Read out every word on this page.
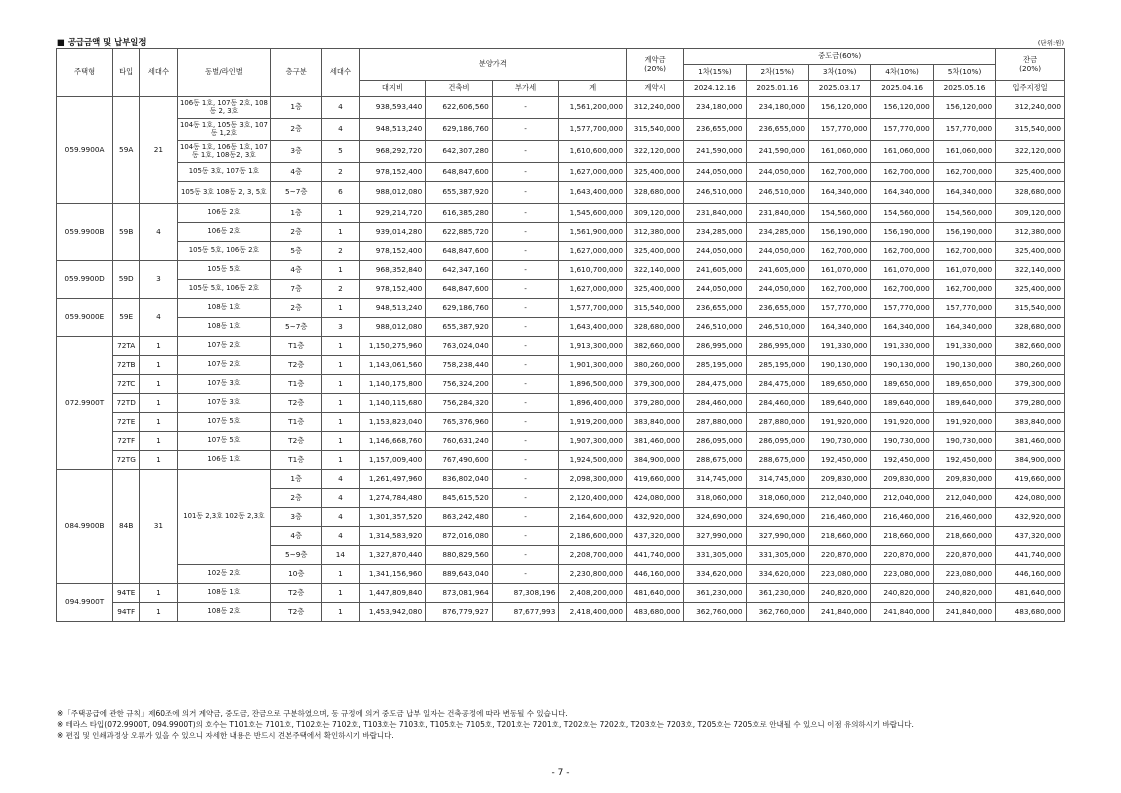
■ 공급금액 및 납부일정	(단위:원)
주택형	타입	세대수	동별/라인별	층구분	세대수	분양가격				계약금
(20%)	중도금(60%)					잔금
(20%)
											1차(15%)	2차(15%)	3차(10%)	4차(10%)	5차(10%)	
						대지비	건축비	부가세	계	계약시	2024.12.16	2025.01.16	2025.03.17	2025.04.16	2025.05.16	입주지정일
059.9900A	59A	21	106동 1호, 107동 2호, 108동 2, 3호	1층	4	938,593,440	622,606,560	-	1,561,200,000	312,240,000	234,180,000	234,180,000	156,120,000	156,120,000	156,120,000	312,240,000
			104동 1호, 105동 3호, 107동 1,2호	2층	4	948,513,240	629,186,760	-	1,577,700,000	315,540,000	236,655,000	236,655,000	157,770,000	157,770,000	157,770,000	315,540,000
			104동 1호, 106동 1호, 107동 1호, 108동2, 3호	3층	5	968,292,720	642,307,280	-	1,610,600,000	322,120,000	241,590,000	241,590,000	161,060,000	161,060,000	161,060,000	322,120,000
			105동 3호, 107동 1호	4층	2	978,152,400	648,847,600	-	1,627,000,000	325,400,000	244,050,000	244,050,000	162,700,000	162,700,000	162,700,000	325,400,000
			105동 3호 108동 2, 3, 5호	5~7층	6	988,012,080	655,387,920	-	1,643,400,000	328,680,000	246,510,000	246,510,000	164,340,000	164,340,000	164,340,000	328,680,000
059.9900B	59B	4	106동 2호	1층	1	929,214,720	616,385,280	-	1,545,600,000	309,120,000	231,840,000	231,840,000	154,560,000	154,560,000	154,560,000	309,120,000
			106동 2호	2층	1	939,014,280	622,885,720	-	1,561,900,000	312,380,000	234,285,000	234,285,000	156,190,000	156,190,000	156,190,000	312,380,000
			105동 5호, 106동 2호	5층	2	978,152,400	648,847,600	-	1,627,000,000	325,400,000	244,050,000	244,050,000	162,700,000	162,700,000	162,700,000	325,400,000
059.9900D	59D	3	105동 5호	4층	1	968,352,840	642,347,160	-	1,610,700,000	322,140,000	241,605,000	241,605,000	161,070,000	161,070,000	161,070,000	322,140,000
			105동 5호, 106동 2호	7층	2	978,152,400	648,847,600	-	1,627,000,000	325,400,000	244,050,000	244,050,000	162,700,000	162,700,000	162,700,000	325,400,000
059.9000E	59E	4	108동 1호	2층	1	948,513,240	629,186,760	-	1,577,700,000	315,540,000	236,655,000	236,655,000	157,770,000	157,770,000	157,770,000	315,540,000
			108동 1호	5~7층	3	988,012,080	655,387,920	-	1,643,400,000	328,680,000	246,510,000	246,510,000	164,340,000	164,340,000	164,340,000	328,680,000
072.9900T	72TA	1	107동 2호	T1층	1	1,150,275,960	763,024,040	-	1,913,300,000	382,660,000	286,995,000	286,995,000	191,330,000	191,330,000	191,330,000	382,660,000
	72TB	1	107동 2호	T2층	1	1,143,061,560	758,238,440	-	1,901,300,000	380,260,000	285,195,000	285,195,000	190,130,000	190,130,000	190,130,000	380,260,000
	72TC	1	107동 3호	T1층	1	1,140,175,800	756,324,200	-	1,896,500,000	379,300,000	284,475,000	284,475,000	189,650,000	189,650,000	189,650,000	379,300,000
	72TD	1	107동 3호	T2층	1	1,140,115,680	756,284,320	-	1,896,400,000	379,280,000	284,460,000	284,460,000	189,640,000	189,640,000	189,640,000	379,280,000
	72TE	1	107동 5호	T1층	1	1,153,823,040	765,376,960	-	1,919,200,000	383,840,000	287,880,000	287,880,000	191,920,000	191,920,000	191,920,000	383,840,000
	72TF	1	107동 5호	T2층	1	1,146,668,760	760,631,240	-	1,907,300,000	381,460,000	286,095,000	286,095,000	190,730,000	190,730,000	190,730,000	381,460,000
	72TG	1	106동 1호	T1층	1	1,157,009,400	767,490,600	-	1,924,500,000	384,900,000	288,675,000	288,675,000	192,450,000	192,450,000	192,450,000	384,900,000
084.9900B	84B	31	101동 2,3호 102동 2,3호	1층	4	1,261,497,960	836,802,040	-	2,098,300,000	419,660,000	314,745,000	314,745,000	209,830,000	209,830,000	209,830,000	419,660,000
				2층	4	1,274,784,480	845,615,520	-	2,120,400,000	424,080,000	318,060,000	318,060,000	212,040,000	212,040,000	212,040,000	424,080,000
				3층	4	1,301,357,520	863,242,480	-	2,164,600,000	432,920,000	324,690,000	324,690,000	216,460,000	216,460,000	216,460,000	432,920,000
				4층	4	1,314,583,920	872,016,080	-	2,186,600,000	437,320,000	327,990,000	327,990,000	218,660,000	218,660,000	218,660,000	437,320,000
				5~9층	14	1,327,870,440	880,829,560	-	2,208,700,000	441,740,000	331,305,000	331,305,000	220,870,000	220,870,000	220,870,000	441,740,000
			102동 2호	10층	1	1,341,156,960	889,643,040	-	2,230,800,000	446,160,000	334,620,000	334,620,000	223,080,000	223,080,000	223,080,000	446,160,000
094.9900T	94TE	1	108동 1호	T2층	1	1,447,809,840	873,081,964	87,308,196	2,408,200,000	481,640,000	361,230,000	361,230,000	240,820,000	240,820,000	240,820,000	481,640,000
	94TF	1	108동 2호	T2층	1	1,453,942,080	876,779,927	87,677,993	2,418,400,000	483,680,000	362,760,000	362,760,000	241,840,000	241,840,000	241,840,000	483,680,000
※「주택공급에 관한 규칙」제60조에 의거 계약금, 중도금, 잔금으로 구분하였으며, 동 규정에 의거 중도금 납부 일자는 건축공정에 따라 변동될 수 있습니다.
※ 테라스 타입(072.9900T, 094.9900T)의 호수는 T101호는 7101호, T102호는 7102호, T103호는 7103호, T105호는 7105호, T201호는 7201호, T202호는 7202호, T203호는 7203호, T205호는 7205호로 안내될 수 있으니 이점 유의하시기 바랍니다.
※ 편집 및 인쇄과정상 오류가 있을 수 있으니 자세한 내용은 반드시 견본주택에서 확인하시기 바랍니다.
- 7 -
